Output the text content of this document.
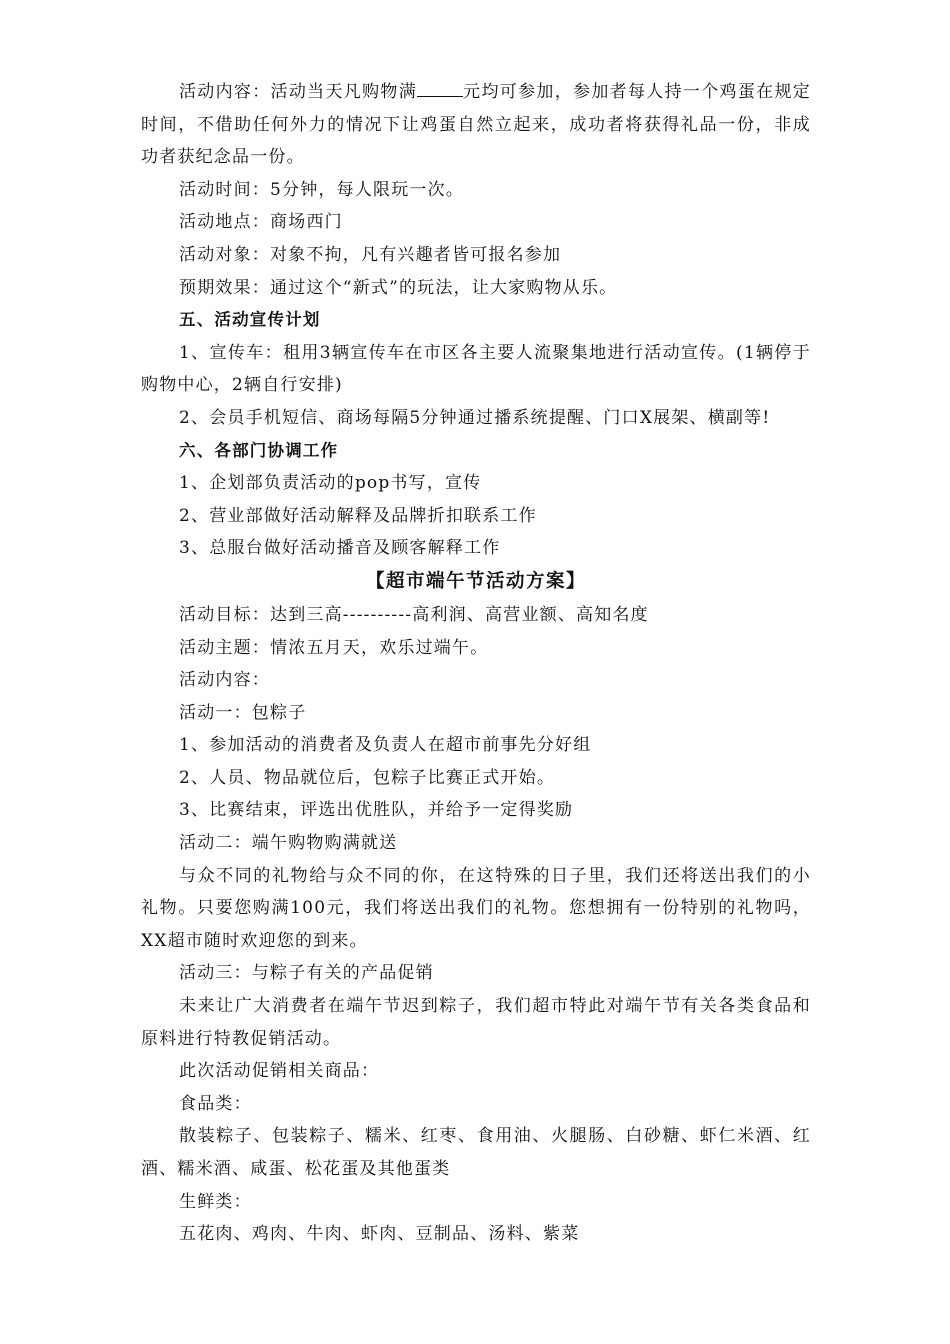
活动内容：活动当天凡购物满	元均可参加，参加者每人持一个鸡蛋在规定时间，不借助任何外力的情况下让鸡蛋自然立起来，成功者将获得礼品一份，非成功者获纪念品一份。

活动时间：5分钟，每人限玩一次。

活动地点：商场西门

活动对象：对象不拘，凡有兴趣者皆可报名参加

预期效果：通过这个“新式”的玩法，让大家购物从乐。

五、活动宣传计划

1、宣传车：租用3辆宣传车在市区各主要人流聚集地进行活动宣传。(1辆停于购物中心，2辆自行安排)

2、会员手机短信、商场每隔5分钟通过播系统提醒、门口X展架、横副等!

六、各部门协调工作

1、企划部负责活动的pop书写，宣传

2、营业部做好活动解释及品牌折扣联系工作

3、总服台做好活动播音及顾客解释工作

【超市端午节活动方案】

活动目标：达到三高----------高利润、高营业额、高知名度

活动主题：情浓五月天，欢乐过端午。

活动内容：

活动一：包粽子

1、参加活动的消费者及负责人在超市前事先分好组

2、人员、物品就位后，包粽子比赛正式开始。

3、比赛结束，评选出优胜队，并给予一定得奖励

活动二：端午购物购满就送

与众不同的礼物给与众不同的你，在这特殊的日子里，我们还将送出我们的小礼物。只要您购满100元，我们将送出我们的礼物。您想拥有一份特别的礼物吗，XX超市随时欢迎您的到来。

活动三：与粽子有关的产品促销

未来让广大消费者在端午节迟到粽子，我们超市特此对端午节有关各类食品和原料进行特教促销活动。

此次活动促销相关商品：

食品类：

散装粽子、包装粽子、糯米、红枣、食用油、火腿肠、白砂糖、虾仁米酒、红酒、糯米酒、咸蛋、松花蛋及其他蛋类

生鲜类：

五花肉、鸡肉、牛肉、虾肉、豆制品、汤料、紫菜
